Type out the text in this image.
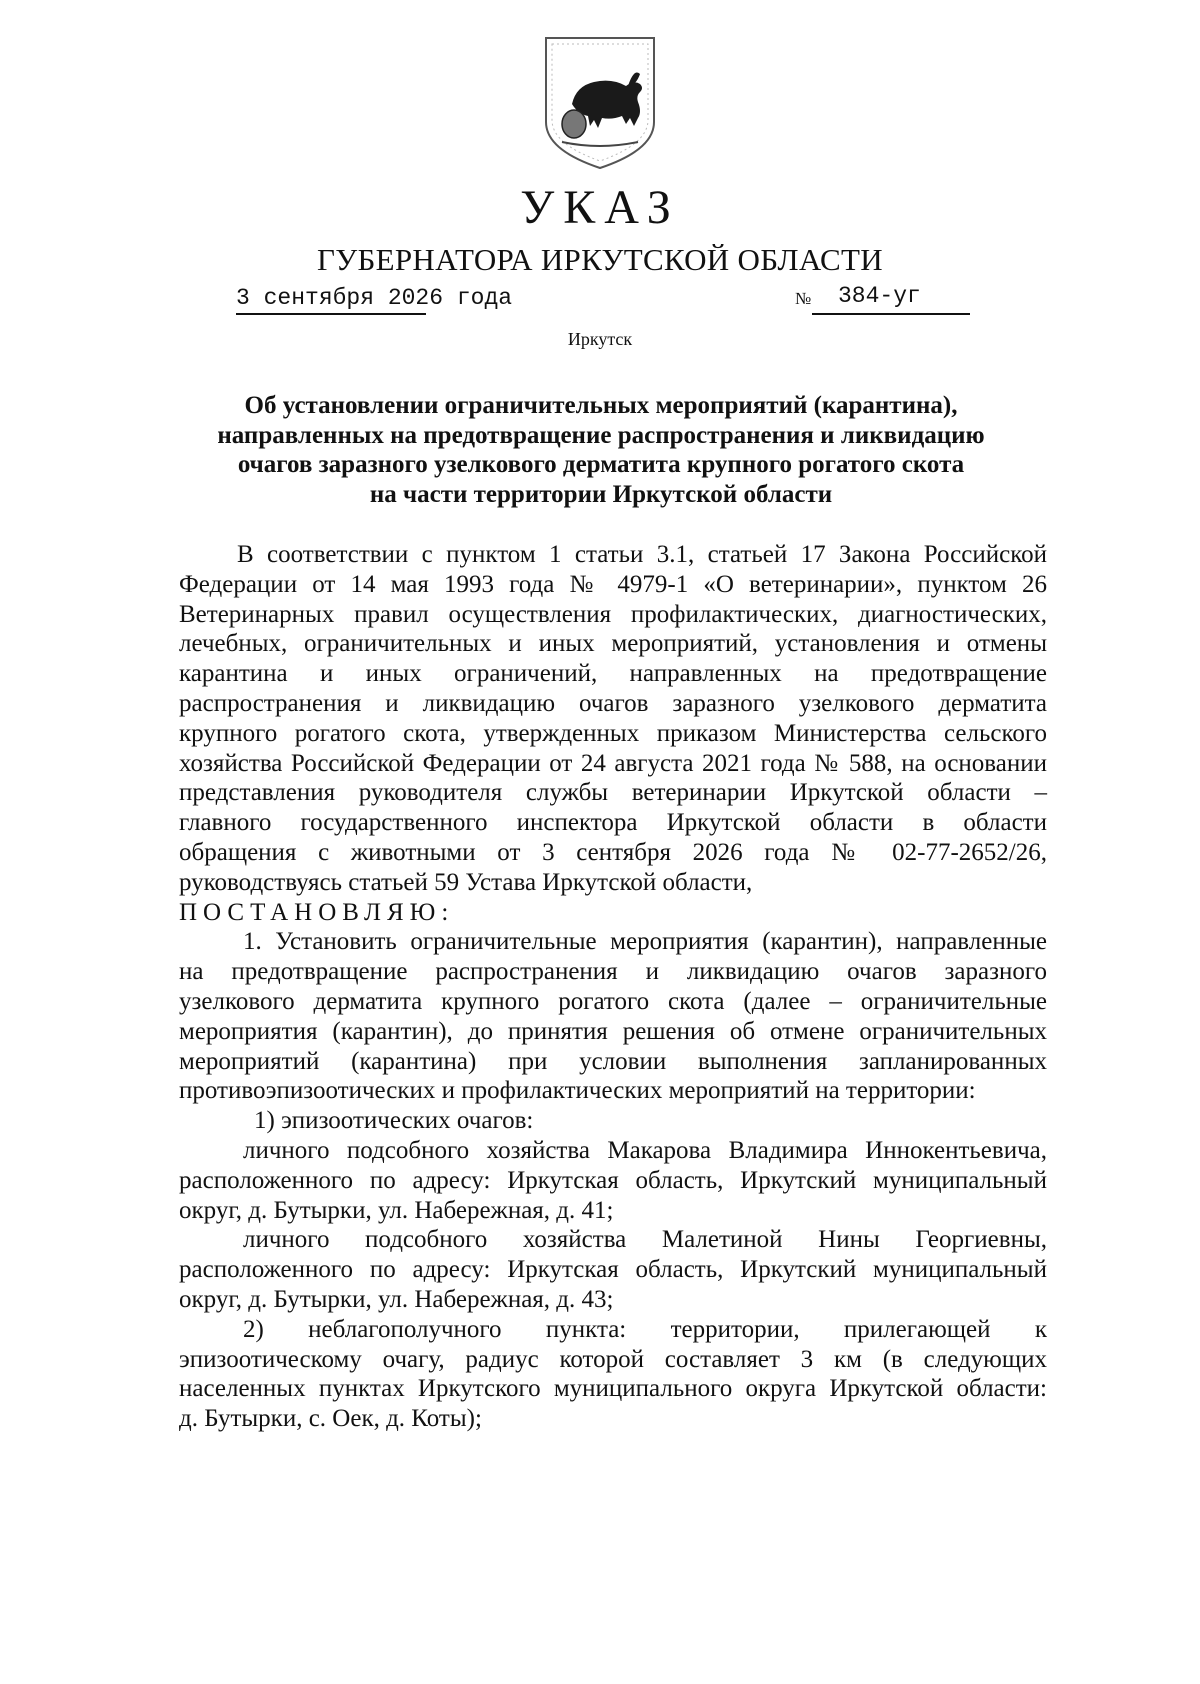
УКАЗ
ГУБЕРНАТОРА ИРКУТСКОЙ ОБЛАСТИ
3 сентября 2026 года	№ 384-уг
Иркутск
Об установлении ограничительных мероприятий (карантина),
направленных на предотвращение распространения и ликвидацию
очагов заразного узелкового дерматита крупного рогатого скота
на части территории Иркутской области
В соответствии с пунктом 1 статьи 3.1, статьей 17 Закона Российской
Федерации от 14 мая 1993 года № 4979-1 «О ветеринарии», пунктом 26
Ветеринарных правил осуществления профилактических, диагностических,
лечебных, ограничительных и иных мероприятий, установления и отмены
карантина и иных ограничений, направленных на предотвращение
распространения и ликвидацию очагов заразного узелкового дерматита
крупного рогатого скота, утвержденных приказом Министерства сельского
хозяйства Российской Федерации от 24 августа 2021 года № 588, на основании
представления руководителя службы ветеринарии Иркутской области –
главного государственного инспектора Иркутской области в области
обращения с животными от 3 сентября 2026 года № 02-77-2652/26,
руководствуясь статьей 59 Устава Иркутской области,
ПОСТАНОВЛЯЮ:
1. Установить ограничительные мероприятия (карантин), направленные
на предотвращение распространения и ликвидацию очагов заразного
узелкового дерматита крупного рогатого скота (далее – ограничительные
мероприятия (карантин), до принятия решения об отмене ограничительных
мероприятий (карантина) при условии выполнения запланированных
противоэпизоотических и профилактических мероприятий на территории:
1) эпизоотических очагов:
личного подсобного хозяйства Макарова Владимира Иннокентьевича,
расположенного по адресу: Иркутская область, Иркутский муниципальный
округ, д. Бутырки, ул. Набережная, д. 41;
личного подсобного хозяйства Малетиной Нины Георгиевны,
расположенного по адресу: Иркутская область, Иркутский муниципальный
округ, д. Бутырки, ул. Набережная, д. 43;
2) неблагополучного пункта: территории, прилегающей к
эпизоотическому очагу, радиус которой составляет 3 км (в следующих
населенных пунктах Иркутского муниципального округа Иркутской области:
д. Бутырки, с. Оек, д. Коты);
